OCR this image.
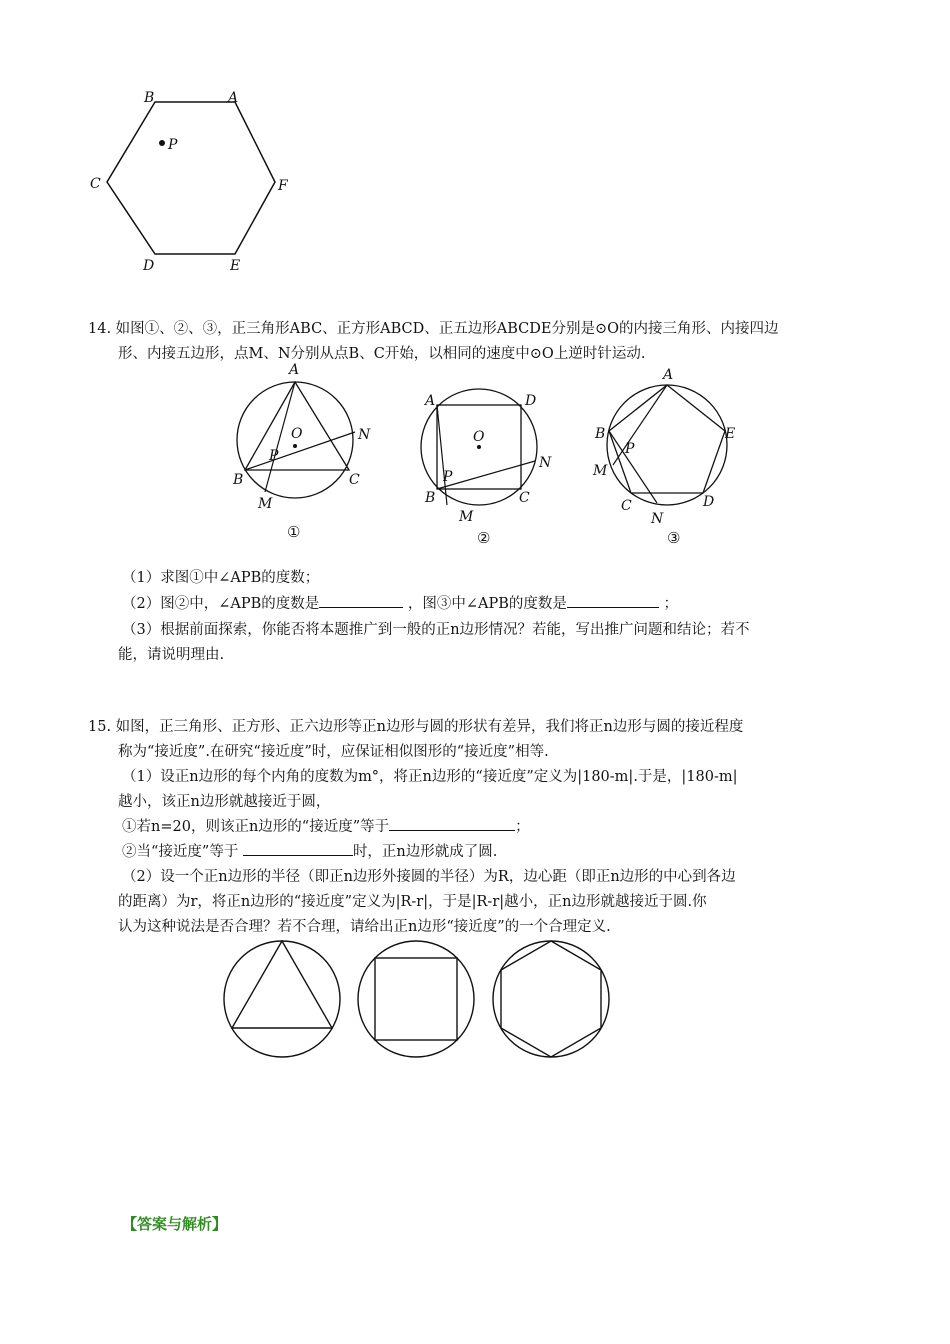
B	A
P
C	F
D	E
14. 如图①、②、③，正三角形ABC、正方形ABCD、正五边形ABCDE分别是⊙O的内接三角形、内接四边
形、内接五边形，点M、N分别从点B、C开始，以相同的速度中⊙O上逆时针运动.
A
O	N
P
B	C
M
①
A	D
O
N
P
B	C
M
②
A
E
B
P
M
C	D
N
③
（1）求图①中∠APB的度数；
（2）图②中，∠APB的度数是	，图③中∠APB的度数是	；
（3）根据前面探索，你能否将本题推广到一般的正n边形情况？若能，写出推广问题和结论；若不
能，请说明理由.
15. 如图，正三角形、正方形、正六边形等正n边形与圆的形状有差异，我们将正n边形与圆的接近程度
称为“接近度”.在研究“接近度”时，应保证相似图形的“接近度”相等.
（1）设正n边形的每个内角的度数为m°，将正n边形的“接近度”定义为|180-m|.于是，|180-m|
越小，该正n边形就越接近于圆，
①若n=20，则该正n边形的“接近度”等于	；
②当“接近度”等于	时，正n边形就成了圆.
（2）设一个正n边形的半径（即正n边形外接圆的半径）为R，边心距（即正n边形的中心到各边
的距离）为r，将正n边形的“接近度”定义为|R-r|，于是|R-r|越小，正n边形就越接近于圆.你
认为这种说法是否合理？若不合理，请给出正n边形“接近度”的一个合理定义.
【答案与解析】
